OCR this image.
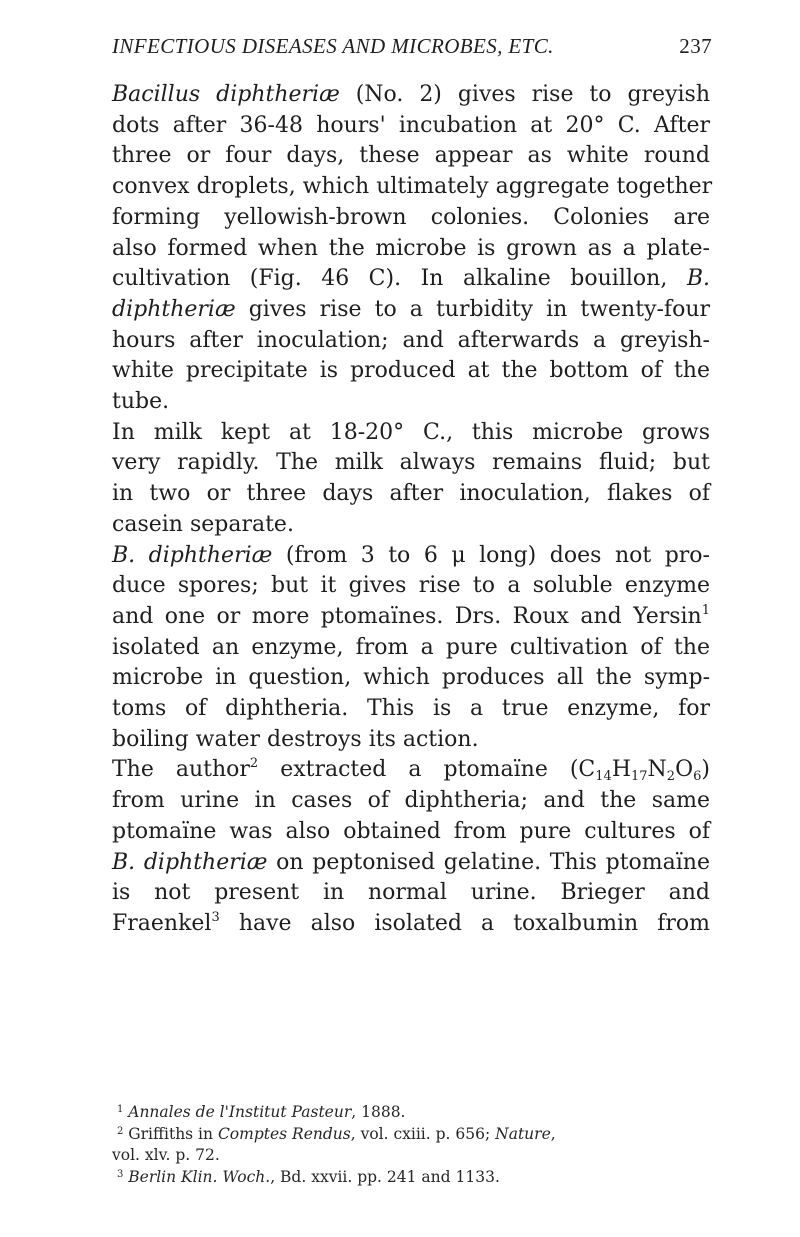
INFECTIOUS DISEASES AND MICROBES, ETC.	237

Bacillus diphtheriæ (No. 2) gives rise to greyish
dots after 36-48 hours' incubation at 20° C. After
three or four days, these appear as white round
convex droplets, which ultimately aggregate together
forming yellowish-brown colonies. Colonies are
also formed when the microbe is grown as a plate-
cultivation (Fig. 46 C). In alkaline bouillon, B.
diphtheriæ gives rise to a turbidity in twenty-four
hours after inoculation; and afterwards a greyish-
white precipitate is produced at the bottom of the
tube.

In milk kept at 18-20° C., this microbe grows
very rapidly. The milk always remains fluid; but
in two or three days after inoculation, flakes of
casein separate.

B. diphtheriæ (from 3 to 6 μ long) does not pro-
duce spores; but it gives rise to a soluble enzyme
and one or more ptomaïnes. Drs. Roux and Yersin$^1$
isolated an enzyme, from a pure cultivation of the
microbe in question, which produces all the symp-
toms of diphtheria. This is a true enzyme, for
boiling water destroys its action.

The author$^2$ extracted a ptomaïne $(C_{14}H_{17}N_2O_6)$
from urine in cases of diphtheria; and the same
ptomaïne was also obtained from pure cultures of
B. diphtheriæ on peptonised gelatine. This ptomaïne
is not present in normal urine. Brieger and
Fraenkel$^3$ have also isolated a toxalbumin from

$^1$ Annales de l'Institut Pasteur, 1888.
$^2$ Griffiths in Comptes Rendus, vol. cxiii. p. 656; Nature,
vol. xlv. p. 72.
$^3$ Berlin Klin. Woch., Bd. xxvii. pp. 241 and 1133.
